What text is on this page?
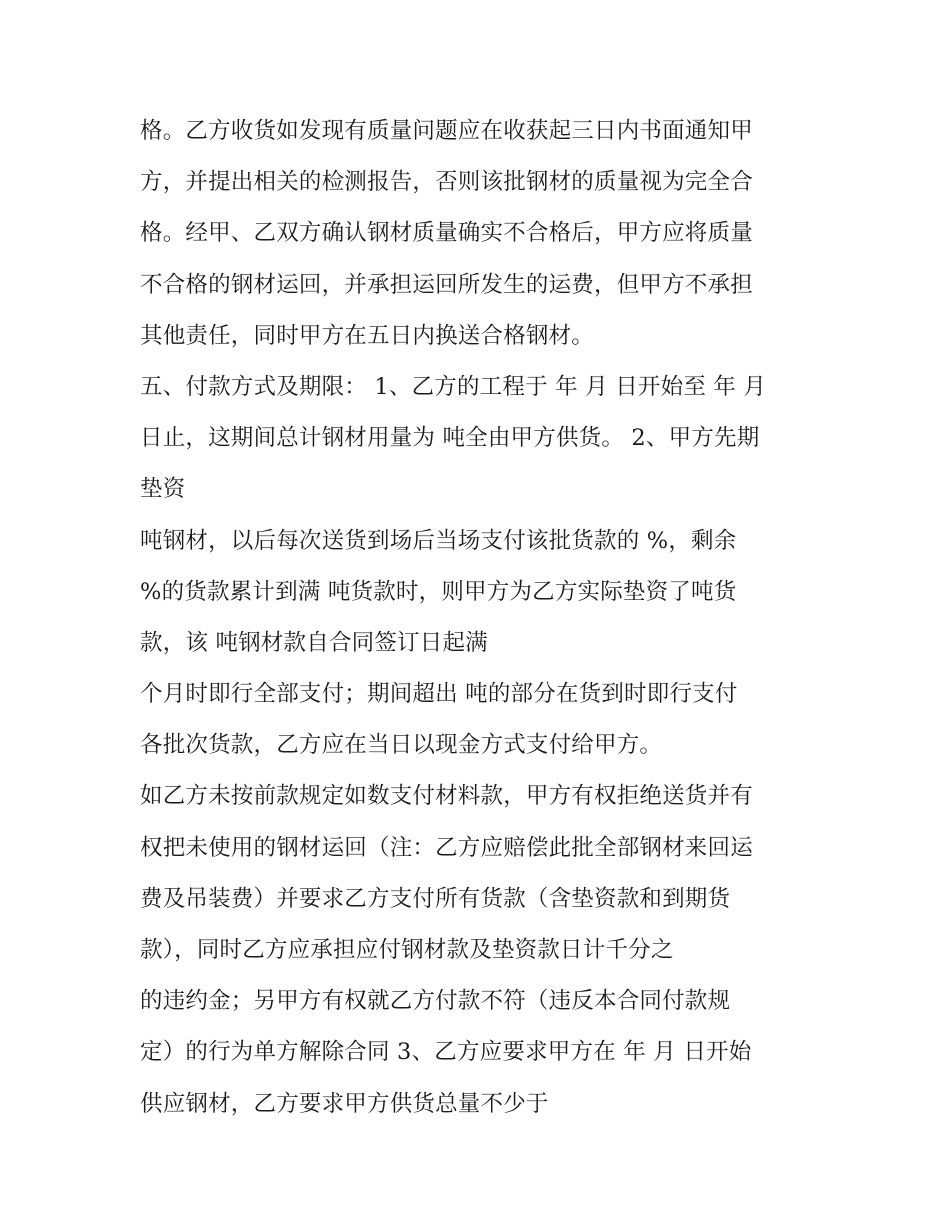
格。乙方收货如发现有质量问题应在收获起三日内书面通知甲
方，并提出相关的检测报告，否则该批钢材的质量视为完全合
格。经甲、乙双方确认钢材质量确实不合格后，甲方应将质量
不合格的钢材运回，并承担运回所发生的运费，但甲方不承担
其他责任，同时甲方在五日内换送合格钢材。
五、付款方式及期限： 1、乙方的工程于 年 月 日开始至 年 月
日止，这期间总计钢材用量为 吨全由甲方供货。 2、甲方先期
垫资
吨钢材，以后每次送货到场后当场支付该批货款的 %，剩余
%的货款累计到满 吨货款时，则甲方为乙方实际垫资了吨货
款，该 吨钢材款自合同签订日起满
个月时即行全部支付；期间超出 吨的部分在货到时即行支付
各批次货款，乙方应在当日以现金方式支付给甲方。
如乙方未按前款规定如数支付材料款，甲方有权拒绝送货并有
权把未使用的钢材运回（注：乙方应赔偿此批全部钢材来回运
费及吊装费）并要求乙方支付所有货款（含垫资款和到期货
款），同时乙方应承担应付钢材款及垫资款日计千分之
的违约金；另甲方有权就乙方付款不符（违反本合同付款规
定）的行为单方解除合同 3、乙方应要求甲方在 年 月 日开始
供应钢材，乙方要求甲方供货总量不少于
